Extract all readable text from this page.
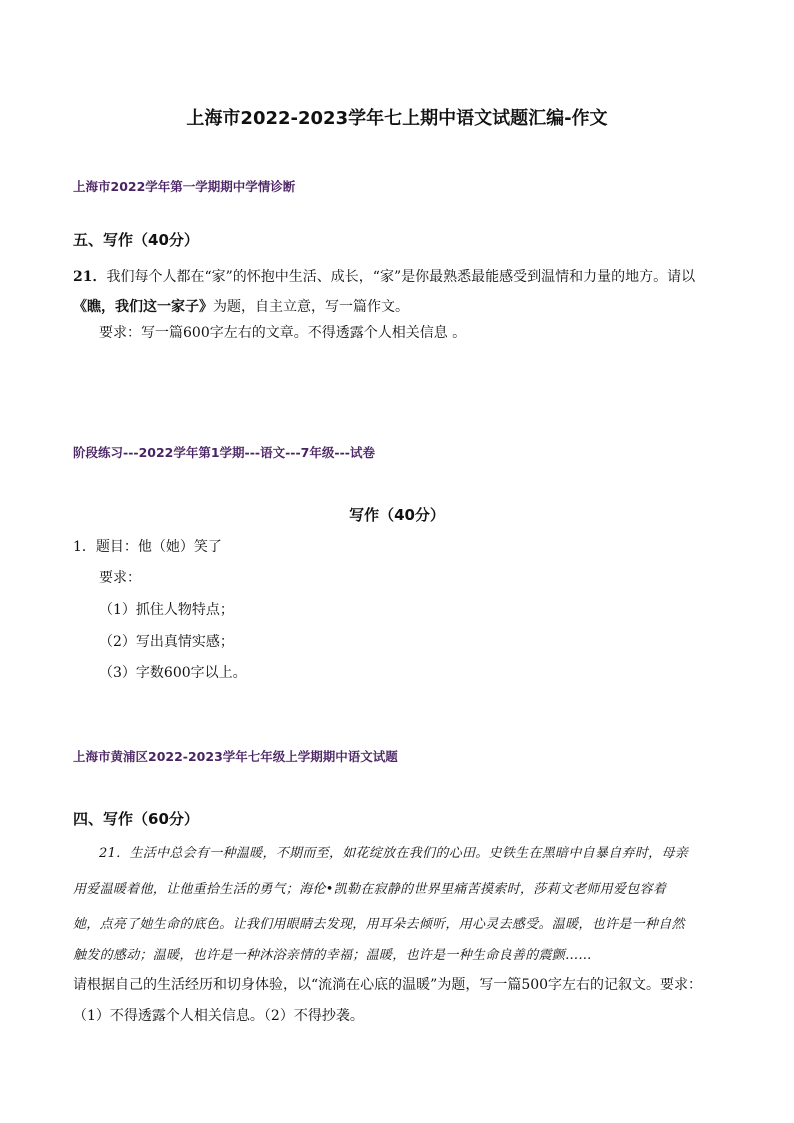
上海市2022-2023学年七上期中语文试题汇编-作文
上海市2022学年第一学期期中学情诊断
五、写作（40分）
21．我们每个人都在“家”的怀抱中生活、成长，“家”是你最熟悉最能感受到温情和力量的地方。请以
《瞧，我们这一家子》为题，自主立意，写一篇作文。
要求：写一篇600字左右的文章。不得透露个人相关信息 。
阶段练习---2022学年第1学期---语文---7年级---试卷
写作（40分）
1．题目：他（她）笑了
要求：
（1）抓住人物特点；
（2）写出真情实感；
（3）字数600字以上。
上海市黄浦区2022-2023学年七年级上学期期中语文试题
四、写作（60分）
21．生活中总会有一种温暖，不期而至，如花绽放在我们的心田。史铁生在黑暗中自暴自弃时，母亲
用爱温暖着他，让他重拾生活的勇气；海伦•凯勒在寂静的世界里痛苦摸索时，莎莉文老师用爱包容着
她，点亮了她生命的底色。让我们用眼睛去发现，用耳朵去倾听，用心灵去感受。温暖，也许是一种自然
触发的感动；温暖，也许是一种沐浴亲情的幸福；温暖，也许是一种生命良善的震颤……
请根据自己的生活经历和切身体验，以“流淌在心底的温暖”为题，写一篇500字左右的记叙文。要求：
（1）不得透露个人相关信息。（2）不得抄袭。
